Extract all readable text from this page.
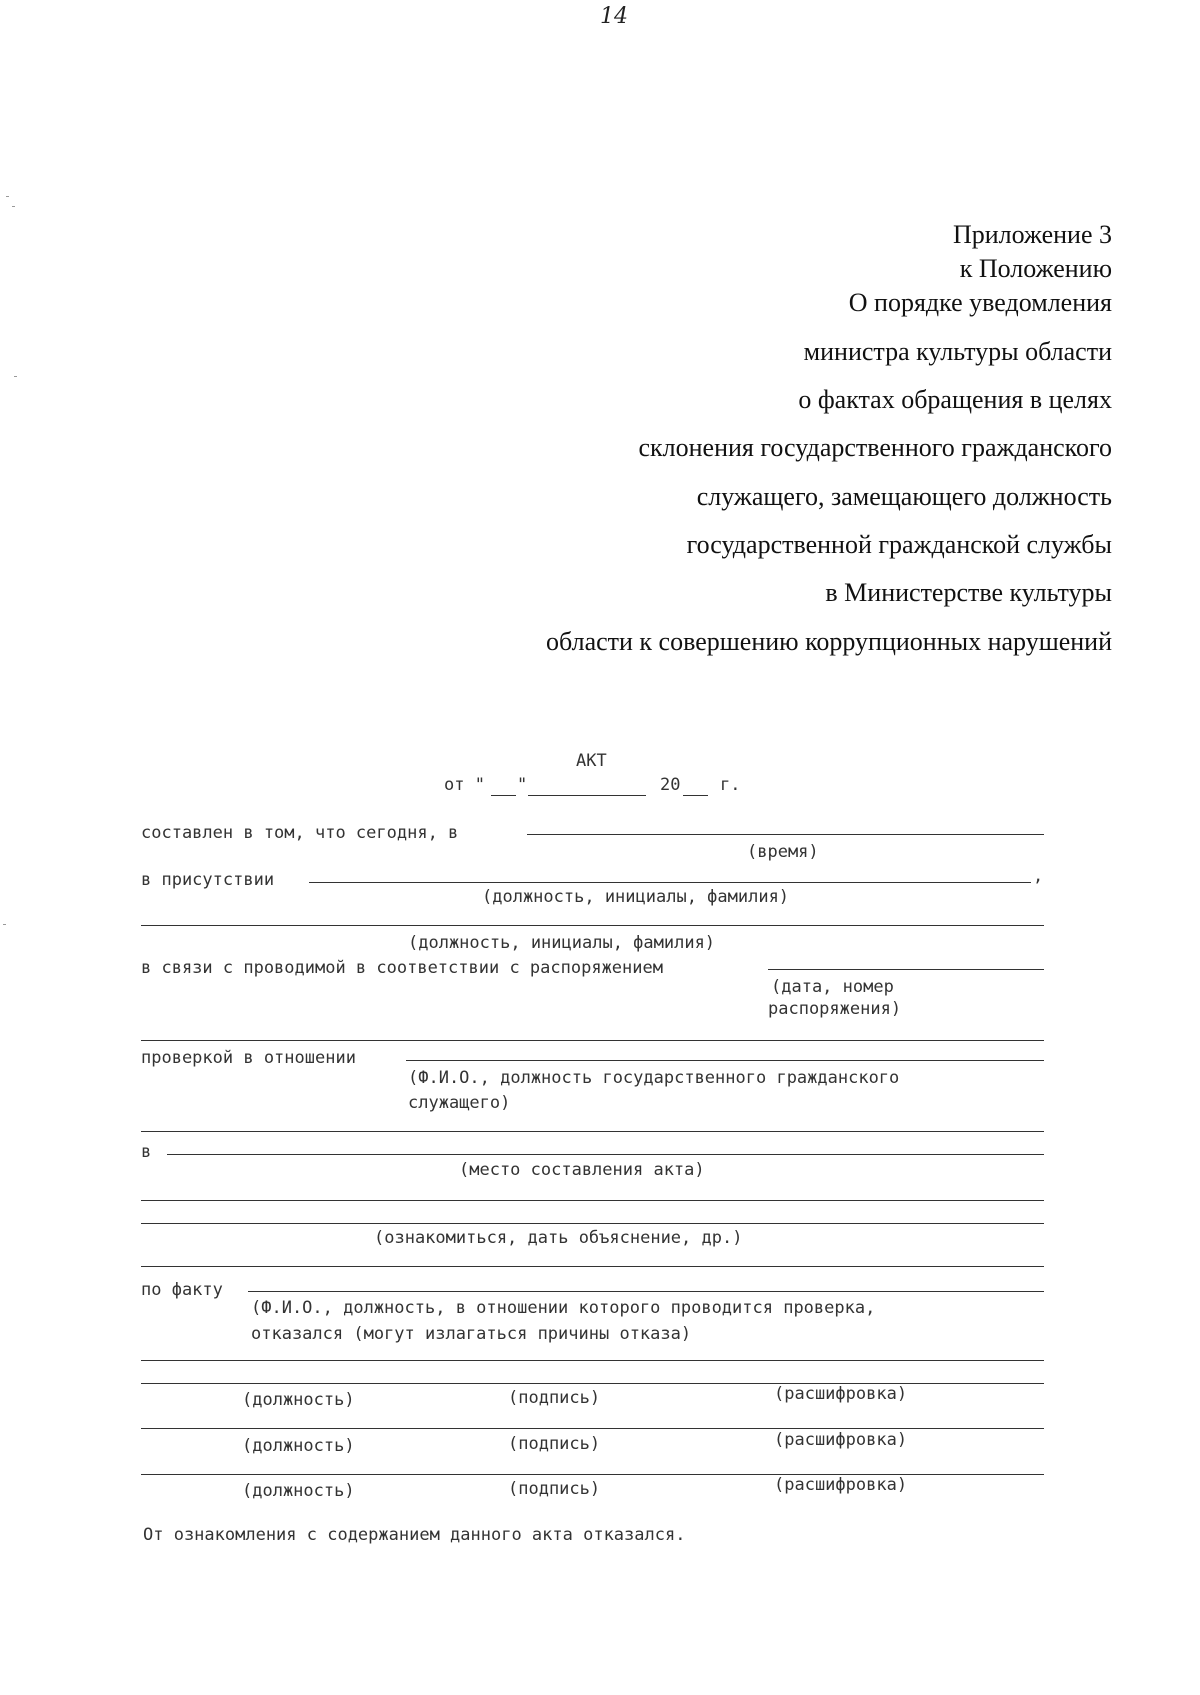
14
Приложение 3
к Положению
О порядке уведомления
министра культуры области
о фактах обращения в целях
склонения государственного гражданского
служащего, замещающего должность
государственной гражданской службы
в Министерстве культуры
области к совершению коррупционных нарушений
АКТ
от " "	20 г.
составлен в том, что сегодня, в
(время)
в присутствии	,
(должность, инициалы, фамилия)
(должность, инициалы, фамилия)
в связи с проводимой в соответствии с распоряжением
(дата, номер
распоряжения)
проверкой в отношении
(Ф.И.О., должность государственного гражданского
служащего)
в
(место составления акта)
(ознакомиться, дать объяснение, др.)
по факту
(Ф.И.О., должность, в отношении которого проводится проверка,
отказался (могут излагаться причины отказа)
(должность)	(подпись)	(расшифровка)
(должность)	(подпись)	(расшифровка)
(должность)	(подпись)	(расшифровка)
От ознакомления с содержанием данного акта отказался.
